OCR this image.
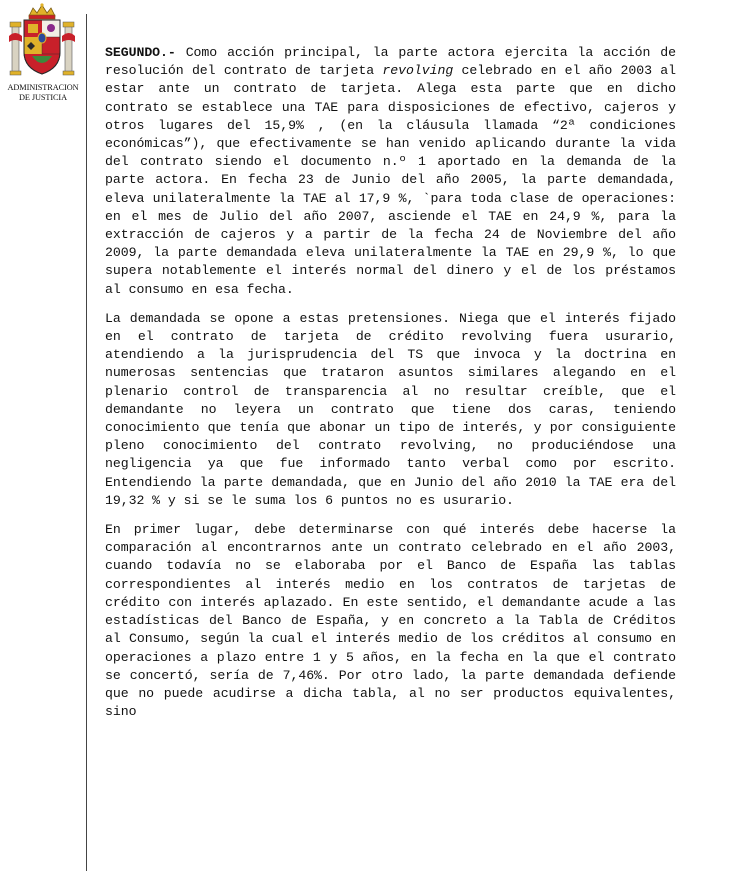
ADMINISTRACION
DE JUSTICIA

SEGUNDO.- Como acción principal, la parte actora ejercita la acción de resolución del contrato de tarjeta revolving celebrado en el año 2003 al estar ante un contrato de tarjeta. Alega esta parte que en dicho contrato se establece una TAE para disposiciones de efectivo, cajeros y otros lugares del 15,9% , (en la cláusula llamada “2ª condiciones económicas”), que efectivamente se han venido aplicando durante la vida del contrato siendo el documento n.º 1 aportado en la demanda de la parte actora. En fecha 23 de Junio del año 2005, la parte demandada, eleva unilateralmente la TAE al 17,9 %, `para toda clase de operaciones: en el mes de Julio del año 2007, asciende el TAE en 24,9 %, para la extracción de cajeros y a partir de la fecha 24 de Noviembre del año 2009, la parte demandada eleva unilateralmente la TAE en 29,9 %, lo que supera notablemente el interés normal del dinero y el de los préstamos al consumo en esa fecha.

La demandada se opone a estas pretensiones. Niega que el interés fijado en el contrato de tarjeta de crédito revolving fuera usurario, atendiendo a la jurisprudencia del TS que invoca y la doctrina en numerosas sentencias que trataron asuntos similares alegando en el plenario control de transparencia al no resultar creíble, que el demandante no leyera un contrato que tiene dos caras, teniendo conocimiento que tenía que abonar un tipo de interés, y por consiguiente pleno conocimiento del contrato revolving, no produciéndose una negligencia ya que fue informado tanto verbal como por escrito. Entendiendo la parte demandada, que en Junio del año 2010 la TAE era del 19,32 % y si se le suma los 6 puntos no es usurario.

En primer lugar, debe determinarse con qué interés debe hacerse la comparación al encontrarnos ante un contrato celebrado en el año 2003, cuando todavía no se elaboraba por el Banco de España las tablas correspondientes al interés medio en los contratos de tarjetas de crédito con interés aplazado. En este sentido, el demandante acude a las estadísticas del Banco de España, y en concreto a la Tabla de Créditos al Consumo, según la cual el interés medio de los créditos al consumo en operaciones a plazo entre 1 y 5 años, en la fecha en la que el contrato se concertó, sería de 7,46%. Por otro lado, la parte demandada defiende que no puede acudirse a dicha tabla, al no ser productos equivalentes, sino
